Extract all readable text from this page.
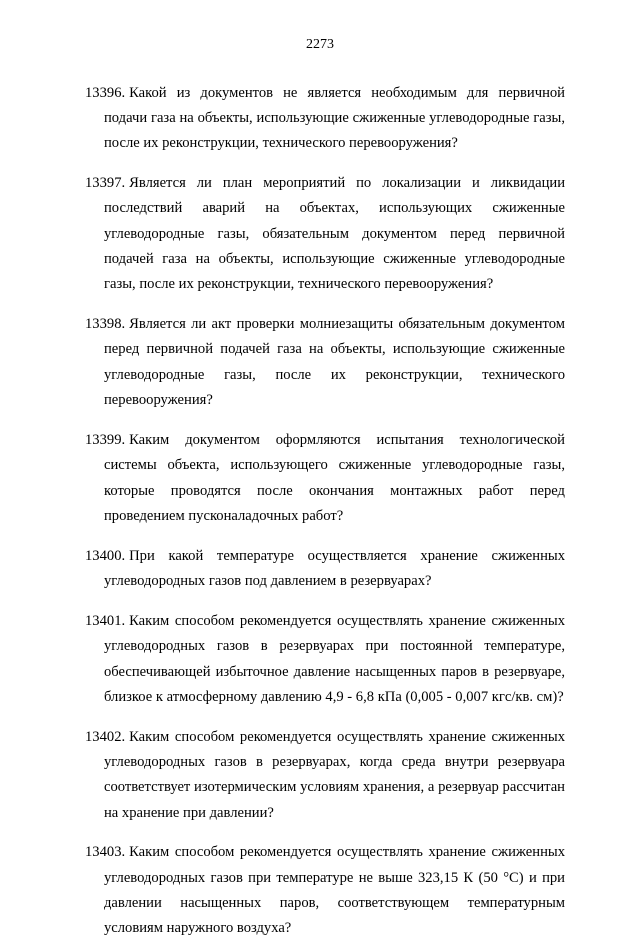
2273

13396. Какой из документов не является необходимым для первичной подачи газа на объекты, использующие сжиженные углеводородные газы, после их реконструкции, технического перевооружения?

13397. Является ли план мероприятий по локализации и ликвидации последствий аварий на объектах, использующих сжиженные углеводородные газы, обязательным документом перед первичной подачей газа на объекты, использующие сжиженные углеводородные газы, после их реконструкции, технического перевооружения?

13398. Является ли акт проверки молниезащиты обязательным документом перед первичной подачей газа на объекты, использующие сжиженные углеводородные газы, после их реконструкции, технического перевооружения?

13399. Каким документом оформляются испытания технологической системы объекта, использующего сжиженные углеводородные газы, которые проводятся после окончания монтажных работ перед проведением пусконаладочных работ?

13400. При какой температуре осуществляется хранение сжиженных углеводородных газов под давлением в резервуарах?

13401. Каким способом рекомендуется осуществлять хранение сжиженных углеводородных газов в резервуарах при постоянной температуре, обеспечивающей избыточное давление насыщенных паров в резервуаре, близкое к атмосферному давлению 4,9 - 6,8 кПа (0,005 - 0,007 кгс/кв. см)?

13402. Каким способом рекомендуется осуществлять хранение сжиженных углеводородных газов в резервуарах, когда среда внутри резервуара соответствует изотермическим условиям хранения, а резервуар рассчитан на хранение при давлении?

13403. Каким способом рекомендуется осуществлять хранение сжиженных углеводородных газов при температуре не выше 323,15 К (50 °С) и при давлении насыщенных паров, соответствующем температурным условиям наружного воздуха?
